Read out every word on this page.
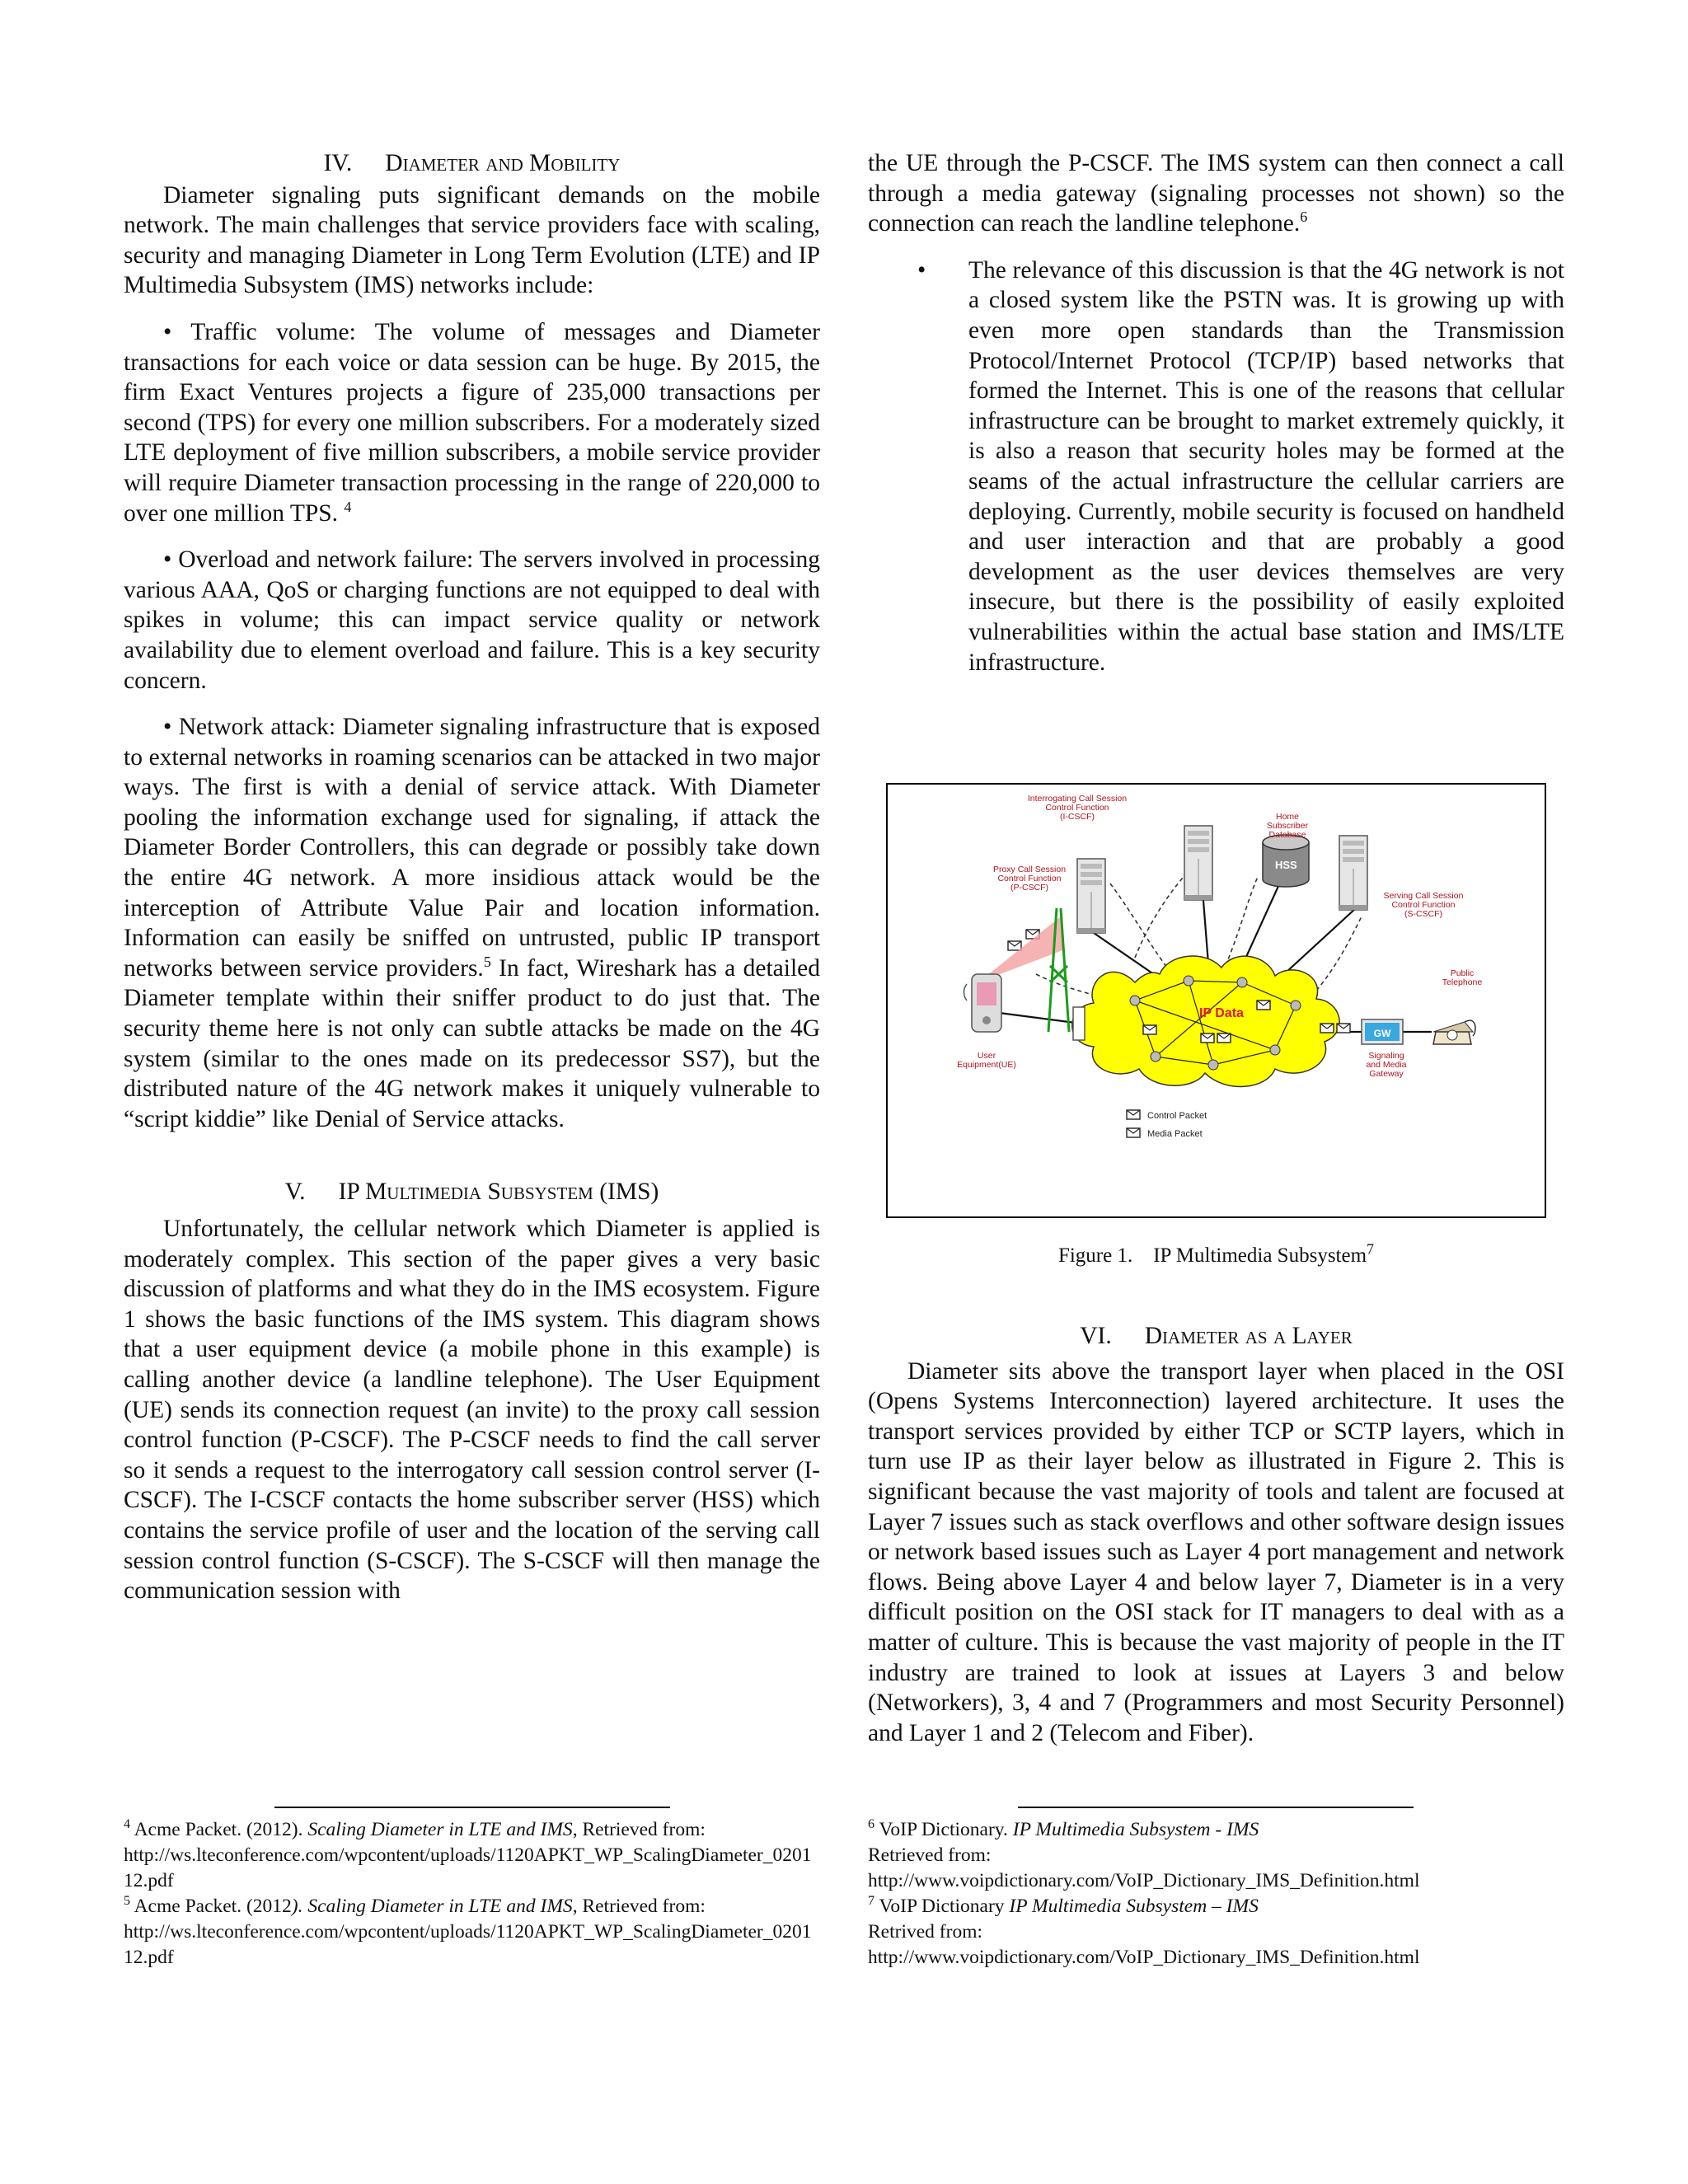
IV. Diameter and Mobility

Diameter signaling puts significant demands on the mobile network. The main challenges that service providers face with scaling, security and managing Diameter in Long Term Evolution (LTE) and IP Multimedia Subsystem (IMS) networks include:

• Traffic volume: The volume of messages and Diameter transactions for each voice or data session can be huge. By 2015, the firm Exact Ventures projects a figure of 235,000 transactions per second (TPS) for every one million subscribers. For a moderately sized LTE deployment of five million subscribers, a mobile service provider will require Diameter transaction processing in the range of 220,000 to over one million TPS. $^4$

• Overload and network failure: The servers involved in processing various AAA, QoS or charging functions are not equipped to deal with spikes in volume; this can impact service quality or network availability due to element overload and failure. This is a key security concern.

• Network attack: Diameter signaling infrastructure that is exposed to external networks in roaming scenarios can be attacked in two major ways. The first is with a denial of service attack. With Diameter pooling the information exchange used for signaling, if attack the Diameter Border Controllers, this can degrade or possibly take down the entire 4G network. A more insidious attack would be the interception of Attribute Value Pair and location information. Information can easily be sniffed on untrusted, public IP transport networks between service providers.$^5$ In fact, Wireshark has a detailed Diameter template within their sniffer product to do just that. The security theme here is not only can subtle attacks be made on the 4G system (similar to the ones made on its predecessor SS7), but the distributed nature of the 4G network makes it uniquely vulnerable to “script kiddie” like Denial of Service attacks.

V. IP Multimedia Subsystem (IMS)

Unfortunately, the cellular network which Diameter is applied is moderately complex. This section of the paper gives a very basic discussion of platforms and what they do in the IMS ecosystem. Figure 1 shows the basic functions of the IMS system. This diagram shows that a user equipment device (a mobile phone in this example) is calling another device (a landline telephone). The User Equipment (UE) sends its connection request (an invite) to the proxy call session control function (P-CSCF). The P-CSCF needs to find the call server so it sends a request to the interrogatory call session control server (I-CSCF). The I-CSCF contacts the home subscriber server (HSS) which contains the service profile of user and the location of the serving call session control function (S-CSCF). The S-CSCF will then manage the communication session with

the UE through the P-CSCF. The IMS system can then connect a call through a media gateway (signaling processes not shown) so the connection can reach the landline telephone.$^6$

• The relevance of this discussion is that the 4G network is not a closed system like the PSTN was. It is growing up with even more open standards than the Transmission Protocol/Internet Protocol (TCP/IP) based networks that formed the Internet. This is one of the reasons that cellular infrastructure can be brought to market extremely quickly, it is also a reason that security holes may be formed at the seams of the actual infrastructure the cellular carriers are deploying. Currently, mobile security is focused on handheld and user interaction and that are probably a good development as the user devices themselves are very insecure, but there is the possibility of easily exploited vulnerabilities within the actual base station and IMS/LTE infrastructure.
IP Data
HSS
Interrogating Call Session
Control Function
(I-CSCF)	Home
Subscriber
Database
Proxy Call Session
Control Function
(P-CSCF)
Serving Call Session
Control Function
(S-CSCF)
Public
Telephone
User
Equipment(UE)
Signaling
and Media
Gateway
GW
Control Packet
Media Packet
Figure 1. IP Multimedia Subsystem$^7$
VI. Diameter as a Layer

Diameter sits above the transport layer when placed in the OSI (Opens Systems Interconnection) layered architecture. It uses the transport services provided by either TCP or SCTP layers, which in turn use IP as their layer below as illustrated in Figure 2. This is significant because the vast majority of tools and talent are focused at Layer 7 issues such as stack overflows and other software design issues or network based issues such as Layer 4 port management and network flows. Being above Layer 4 and below layer 7, Diameter is in a very difficult position on the OSI stack for IT managers to deal with as a matter of culture. This is because the vast majority of people in the IT industry are trained to look at issues at Layers 3 and below (Networkers), 3, 4 and 7 (Programmers and most Security Personnel) and Layer 1 and 2 (Telecom and Fiber).

$^4$ Acme Packet. (2012). Scaling Diameter in LTE and IMS, Retrieved from:
http://ws.lteconference.com/wpcontent/uploads/1120APKT_WP_ScalingDiameter_020112.pdf

$^5$ Acme Packet. (2012). Scaling Diameter in LTE and IMS, Retrieved from:
http://ws.lteconference.com/wpcontent/uploads/1120APKT_WP_ScalingDiameter_020112.pdf

$^6$ VoIP Dictionary. IP Multimedia Subsystem - IMS
Retrieved from:
http://www.voipdictionary.com/VoIP_Dictionary_IMS_Definition.html

$^7$ VoIP Dictionary IP Multimedia Subsystem – IMS
Retrived from:
http://www.voipdictionary.com/VoIP_Dictionary_IMS_Definition.html
